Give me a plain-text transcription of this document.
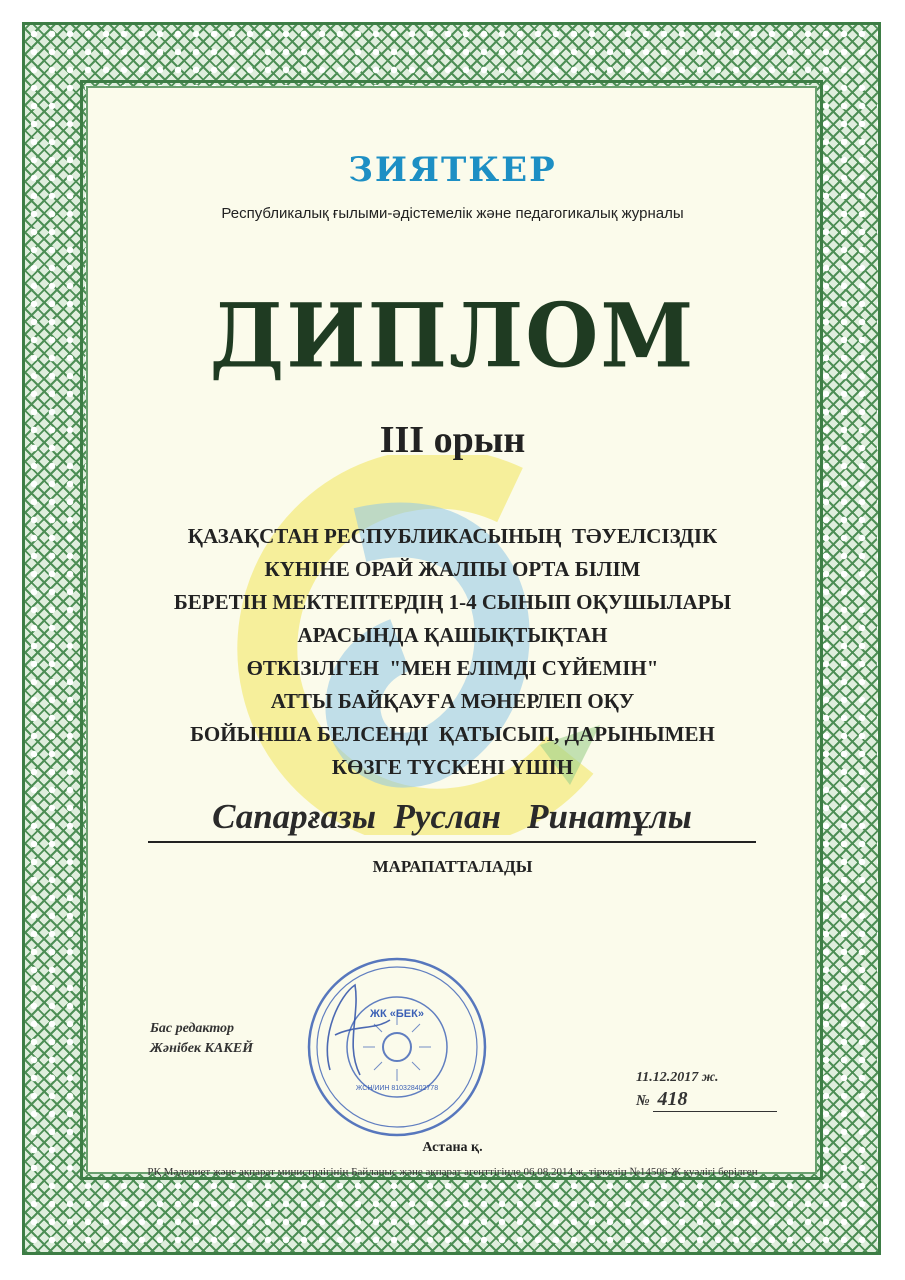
ЗИЯТКЕР
Республикалық ғылыми-әдістемелік және педагогикалық журналы
ДИПЛОМ
III орын
ҚАЗАҚСТАН РЕСПУБЛИКАСЫНЫҢ  ТӘУЕЛСІЗДІК
КҮНІНЕ ОРАЙ ЖАЛПЫ ОРТА БІЛІМ
БЕРЕТІН МЕКТЕПТЕРДІҢ 1-4 СЫНЫП ОҚУШЫЛАРЫ
АРАСЫНДА ҚАШЫҚТЫҚТАН
ӨТКІЗІЛГЕН  "МЕН ЕЛІМДІ СҮЙЕМІН"
АТТЫ БАЙҚАУҒА МӘНЕРЛЕП ОҚУ
БОЙЫНША БЕЛСЕНДІ  ҚАТЫСЫП, ДАРЫНЫМЕН
КӨЗГЕ ТҮСКЕНІ ҮШІН
Сапарғазы  Руслан   Ринатұлы
МАРАПАТТАЛАДЫ
Бас редактор
Жәнібек КАКЕЙ
ЖК «БЕК»
ЖСН/ИИН 810328402778
11.12.2017 ж.
№ 418
Астана қ.
РҚ Мәдениет және ақпарат министрлігінің Байланыс және ақпарат агенттігінде 06.08.2014 ж. тіркеліп №14506-Ж куәлігі берілген
